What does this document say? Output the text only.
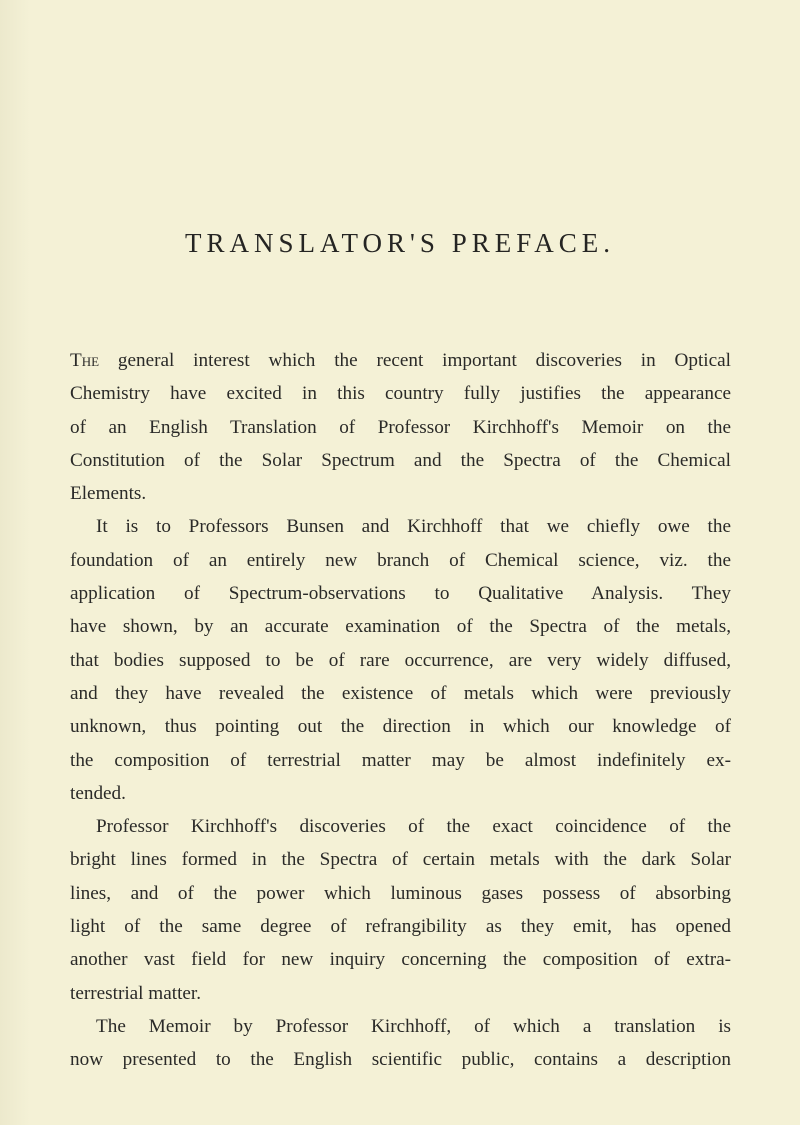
TRANSLATOR'S PREFACE.
The general interest which the recent important discoveries in Optical
Chemistry have excited in this country fully justifies the appearance
of an English Translation of Professor Kirchhoff's Memoir on the
Constitution of the Solar Spectrum and the Spectra of the Chemical
Elements.
It is to Professors Bunsen and Kirchhoff that we chiefly owe the
foundation of an entirely new branch of Chemical science, viz. the
application of Spectrum-observations to Qualitative Analysis. They
have shown, by an accurate examination of the Spectra of the metals,
that bodies supposed to be of rare occurrence, are very widely diffused,
and they have revealed the existence of metals which were previously
unknown, thus pointing out the direction in which our knowledge of
the composition of terrestrial matter may be almost indefinitely ex-
tended.
Professor Kirchhoff's discoveries of the exact coincidence of the
bright lines formed in the Spectra of certain metals with the dark Solar
lines, and of the power which luminous gases possess of absorbing
light of the same degree of refrangibility as they emit, has opened
another vast field for new inquiry concerning the composition of extra-
terrestrial matter.
The Memoir by Professor Kirchhoff, of which a translation is
now presented to the English scientific public, contains a description
